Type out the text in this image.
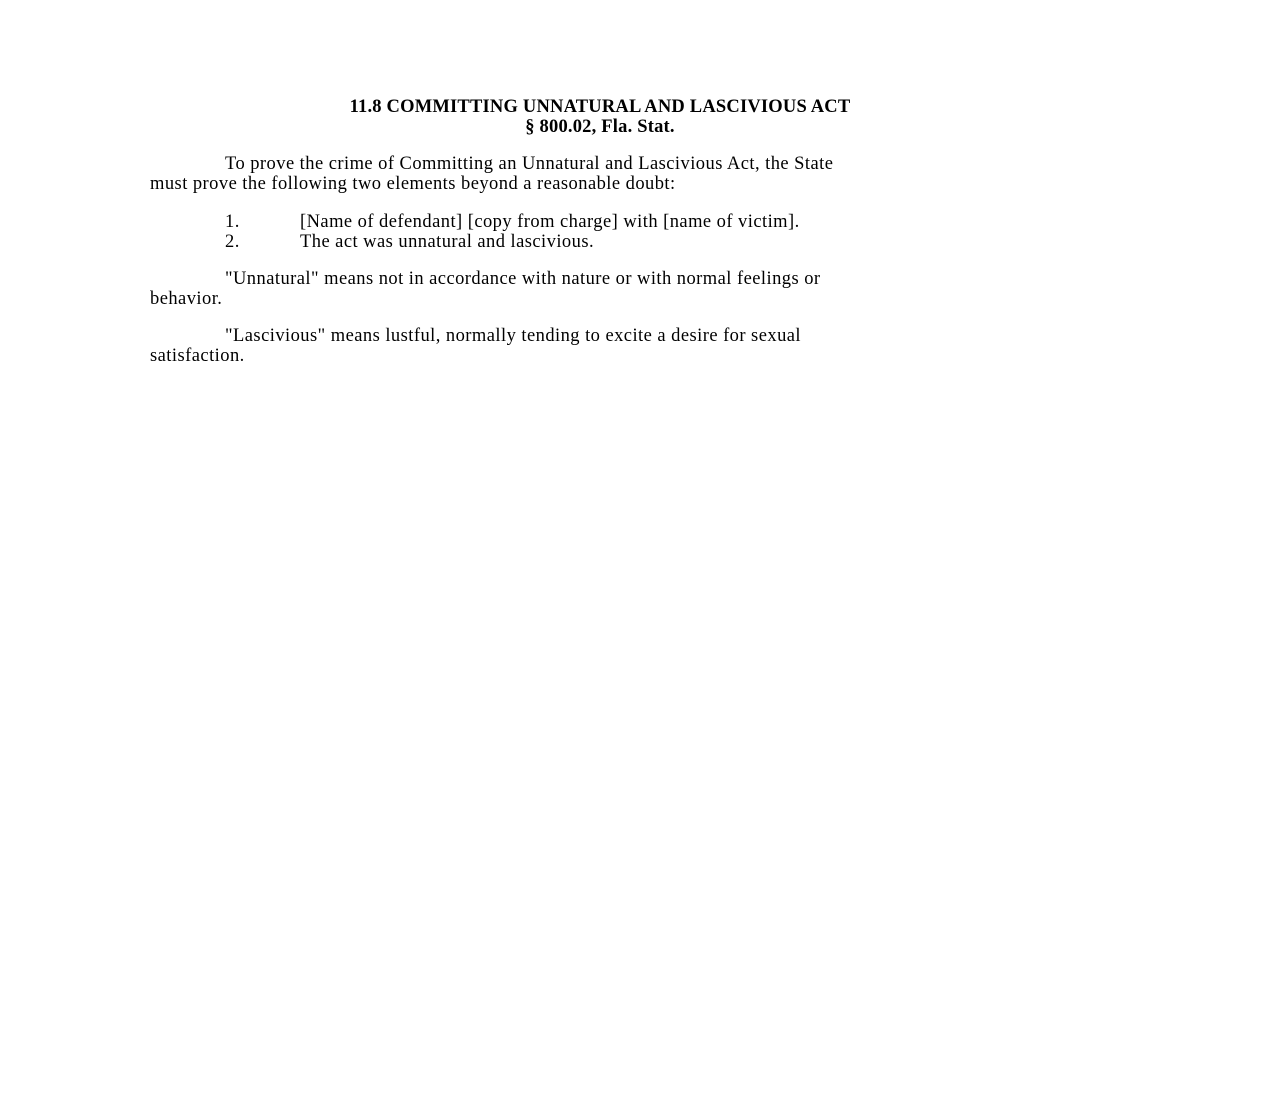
11.8 COMMITTING UNNATURAL AND LASCIVIOUS ACT
§ 800.02, Fla. Stat.
To prove the crime of Committing an Unnatural and Lascivious Act, the State
must prove the following two elements beyond a reasonable doubt:
1.	[Name of defendant] [copy from charge] with [name of victim].
2.	The act was unnatural and lascivious.
"Unnatural" means not in accordance with nature or with normal feelings or
behavior.
"Lascivious" means lustful, normally tending to excite a desire for sexual
satisfaction.
